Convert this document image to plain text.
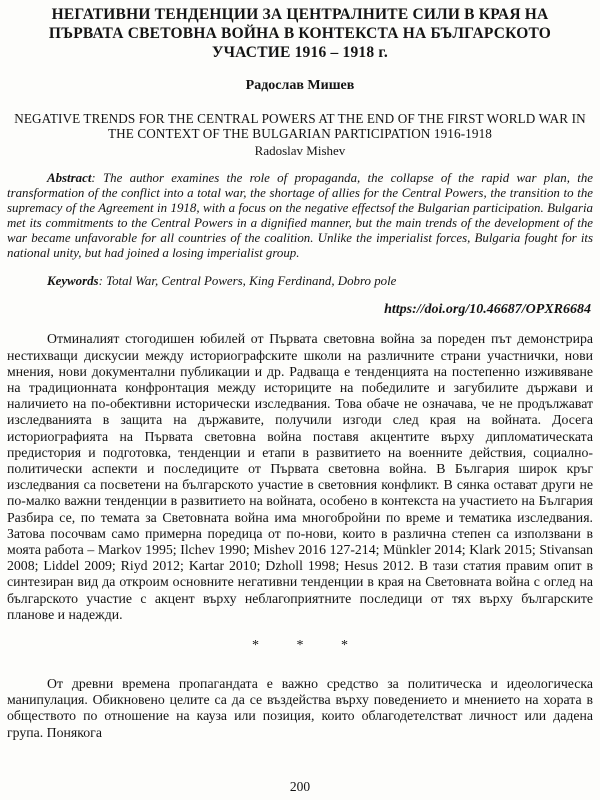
НЕГАТИВНИ ТЕНДЕНЦИИ ЗА ЦЕНТРАЛНИТЕ СИЛИ В КРАЯ НА ПЪРВАТА СВЕТОВНА ВОЙНА В КОНТЕКСТА НА БЪЛГАРСКОТО УЧАСТИЕ 1916 – 1918 г.
Радослав Мишев
NEGATIVE TRENDS FOR THE CENTRAL POWERS AT THE END OF THE FIRST WORLD WAR IN THE CONTEXT OF THE BULGARIAN PARTICIPATION 1916-1918
Radoslav Mishev

Abstract: The author examines the role of propaganda, the collapse of the rapid war plan, the transformation of the conflict into a total war, the shortage of allies for the Central Powers, the transition to the supremacy of the Agreement in 1918, with a focus on the negative effectsof the Bulgarian participation. Bulgaria met its commitments to the Central Powers in a dignified manner, but the main trends of the development of the war became unfavorable for all countries of the coalition. Unlike the imperialist forces, Bulgaria fought for its national unity, but had joined a losing imperialist group.

Keywords: Total War, Central Powers, King Ferdinand, Dobro pole

https://doi.org/10.46687/OPXR6684

Отминалият стогодишен юбилей от Първата световна война за пореден път демонстрира нестихващи дискусии между историографските школи на различните страни участнички, нови мнения, нови документални публикации и др. Радваща е тенденцията на постепенно изживяване на традиционната конфронтация между историците на победилите и загубилите държави и наличието на по-обективни исторически изследвания. Това обаче не означава, че не продължават изследванията в защита на държавите, получили изгоди след края на войната. Досега историографията на Първата световна война поставя акцентите върху дипломатическата предистория и подготовка, тенденции и етапи в развитието на военните действия, социално-политически аспекти и последиците от Първата световна война. В България широк кръг изследвания са посветени на българското участие в световния конфликт. В сянка остават други не по-малко важни тенденции в развитието на войната, особено в контекста на участието на България Разбира се, по темата за Световната война има многобройни по време и тематика изследвания. Затова посочвам само примерна поредица от по-нови, които в различна степен са използвани в моята работа – Markov 1995; Ilchev 1990; Mishev 2016 127-214; Münkler 2014; Klark 2015; Stivansan 2008; Liddel 2009; Riyd 2012; Kartar 2010; Dzholl 1998; Hesus 2012. В тази статия правим опит в синтезиран вид да откроим основните негативни тенденции в края на Световната война с оглед на българското участие с акцент върху неблагоприятните последици от тях върху българските планове и надежди.

* * *

От древни времена пропагандата е важно средство за политическа и идеологическа манипулация. Обикновено целите са да се въздейства върху поведението и мнението на хората в обществото по отношение на кауза или позиция, които облагодетелстват личност или дадена група. Понякога

200
